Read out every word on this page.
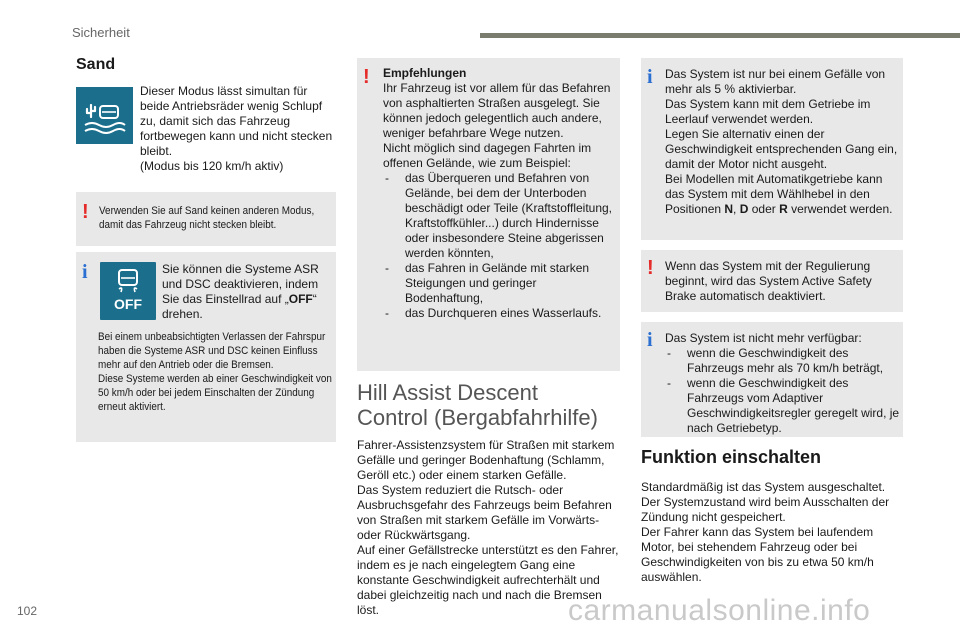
Sicherheit
Sand
Dieser Modus lässt simultan für beide Antriebsräder wenig Schlupf zu, damit sich das Fahrzeug fortbewegen kann und nicht stecken bleibt.
(Modus bis 120 km/h aktiv)
! Verwenden Sie auf Sand keinen anderen Modus, damit das Fahrzeug nicht stecken bleibt.
i	Sie können die Systeme ASR und DSC deaktivieren, indem Sie das Einstellrad auf „OFF“ drehen.
Bei einem unbeabsichtigten Verlassen der Fahrspur haben die Systeme ASR und DSC keinen Einfluss mehr auf den Antrieb oder die Bremsen.
Diese Systeme werden ab einer Geschwindigkeit von 50 km/h oder bei jedem Einschalten der Zündung erneut aktiviert.
OFF
! Empfehlungen
Ihr Fahrzeug ist vor allem für das Befahren von asphaltierten Straßen ausgelegt. Sie können jedoch gelegentlich auch andere, weniger befahrbare Wege nutzen.
Nicht möglich sind dagegen Fahrten im offenen Gelände, wie zum Beispiel:
- das Überqueren und Befahren von Gelände, bei dem der Unterboden beschädigt oder Teile (Kraftstoffleitung, Kraftstoffkühler...) durch Hindernisse oder insbesondere Steine abgerissen werden könnten,
- das Fahren in Gelände mit starken Steigungen und geringer Bodenhaftung,
- das Durchqueren eines Wasserlaufs.
Hill Assist Descent
Control (Bergabfahrhilfe)
Fahrer-Assistenzsystem für Straßen mit starkem Gefälle und geringer Bodenhaftung (Schlamm, Geröll etc.) oder einem starken Gefälle.
Das System reduziert die Rutsch- oder Ausbruchsgefahr des Fahrzeugs beim Befahren von Straßen mit starkem Gefälle im Vorwärts- oder Rückwärtsgang.
Auf einer Gefällstrecke unterstützt es den Fahrer, indem es je nach eingelegtem Gang eine konstante Geschwindigkeit aufrechterhält und dabei gleichzeitig nach und nach die Bremsen löst.
i Das System ist nur bei einem Gefälle von mehr als 5 % aktivierbar.
Das System kann mit dem Getriebe im Leerlauf verwendet werden.
Legen Sie alternativ einen der Geschwindigkeit entsprechenden Gang ein, damit der Motor nicht ausgeht.
Bei Modellen mit Automatikgetriebe kann das System mit dem Wählhebel in den Positionen N, D oder R verwendet werden.
! Wenn das System mit der Regulierung beginnt, wird das System Active Safety Brake automatisch deaktiviert.
i Das System ist nicht mehr verfügbar:
- wenn die Geschwindigkeit des Fahrzeugs mehr als 70 km/h beträgt,
- wenn die Geschwindigkeit des Fahrzeugs vom Adaptiver Geschwindigkeitsregler geregelt wird, je nach Getriebetyp.
Funktion einschalten
Standardmäßig ist das System ausgeschaltet.
Der Systemzustand wird beim Ausschalten der Zündung nicht gespeichert.
Der Fahrer kann das System bei laufendem Motor, bei stehendem Fahrzeug oder bei Geschwindigkeiten von bis zu etwa 50 km/h auswählen.
102	carmanualsonline.info
